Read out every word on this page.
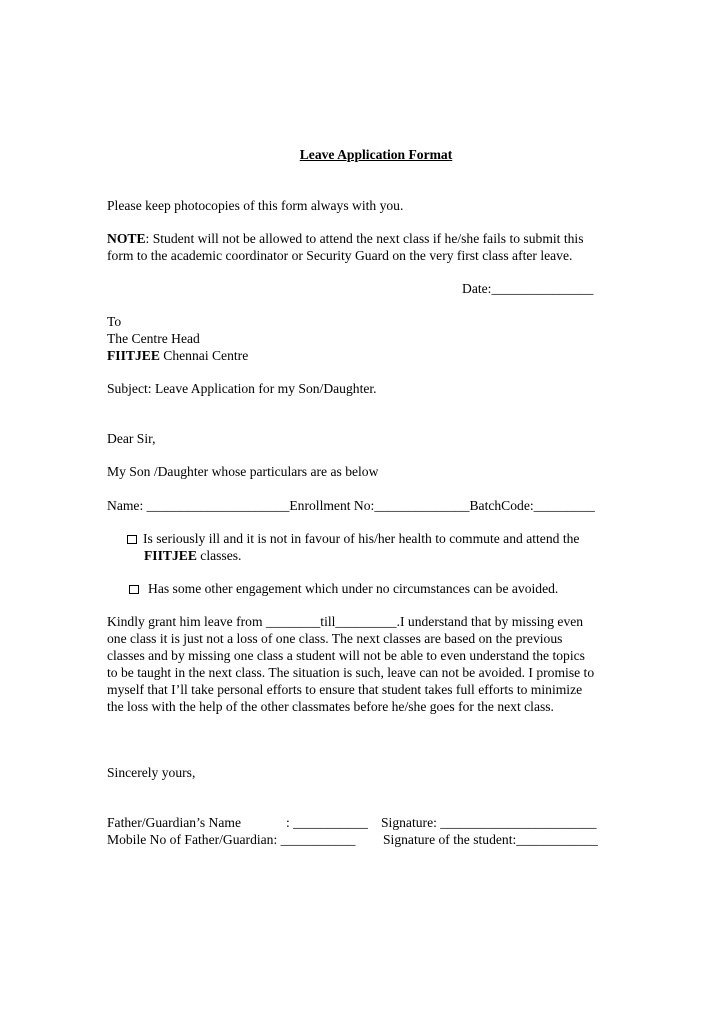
Leave Application Format
Please keep photocopies of this form always with you.
NOTE: Student will not be allowed to attend the next class if he/she fails to submit this
form to the academic coordinator or Security Guard on the very first class after leave.
Date:_______________
To
The Centre Head
FIITJEE Chennai Centre
Subject: Leave Application for my Son/Daughter.
Dear Sir,
My Son /Daughter whose particulars are as below
Name: _____________________Enrollment No:______________BatchCode:_________
Is seriously ill and it is not in favour of his/her health to commute and attend the
FIITJEE classes.
Has some other engagement which under no circumstances can be avoided.
Kindly grant him leave from ________till_________.I understand that by missing even
one class it is just not a loss of one class. The next classes are based on the previous
classes and by missing one class a student will not be able to even understand the topics
to be taught in the next class. The situation is such, leave can not be avoided. I promise to
myself that I’ll take personal efforts to ensure that student takes full efforts to minimize
the loss with the help of the other classmates before he/she goes for the next class.
Sincerely yours,
Father/Guardian’s Name	: ___________ Signature: _______________________
Mobile No of Father/Guardian: ___________ Signature of the student:____________
